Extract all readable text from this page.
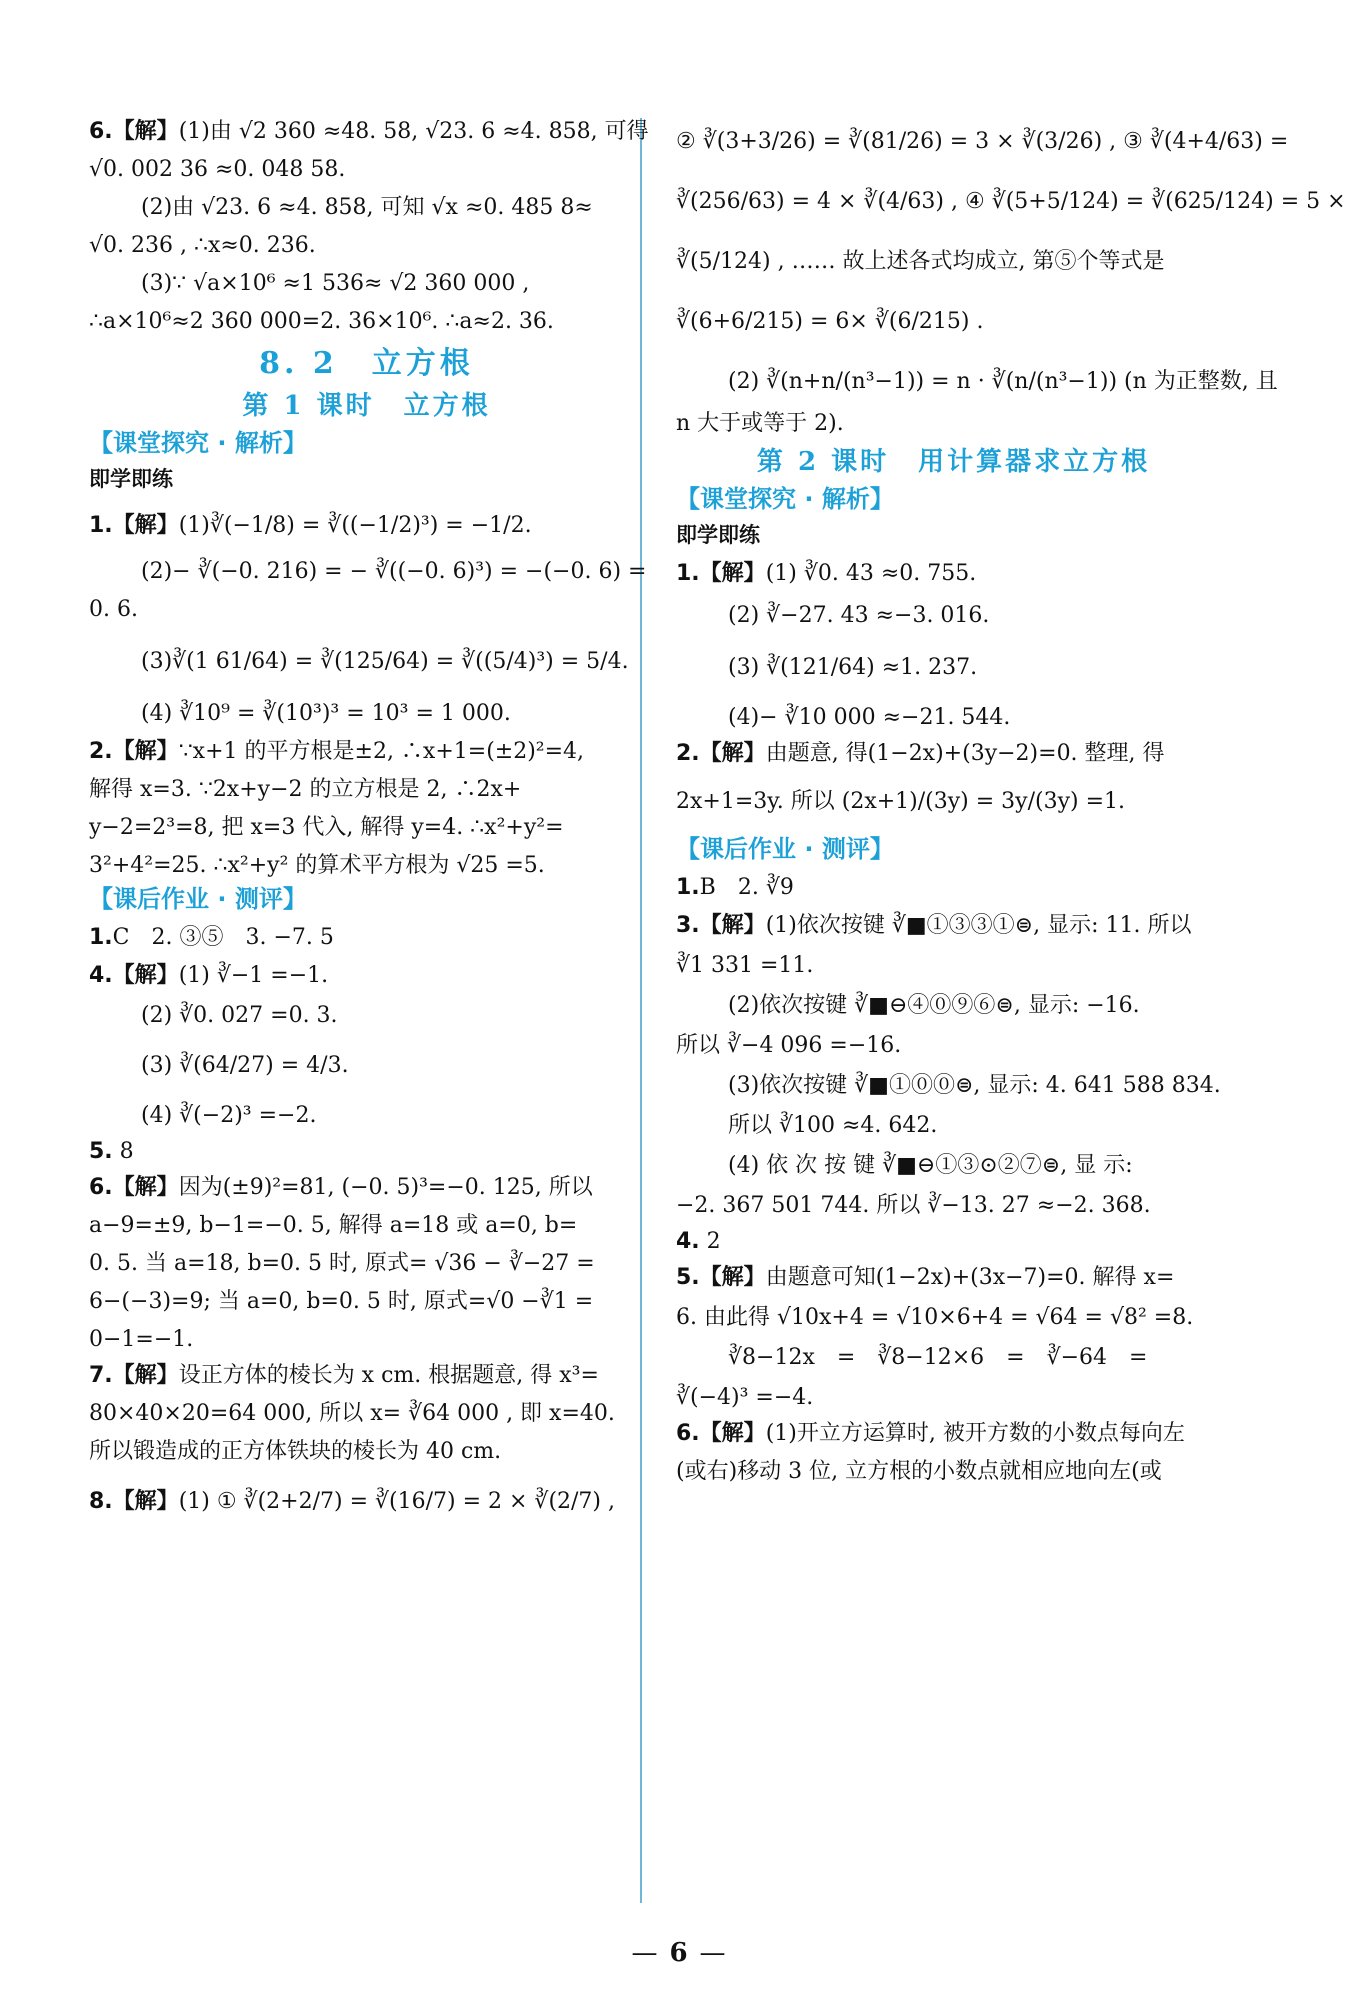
6.【解】(1)由 √2 360 ≈48. 58, √23. 6 ≈4. 858, 可得

√0. 002 36 ≈0. 048 58.

(2)由 √23. 6 ≈4. 858, 可知 √x ≈0. 485 8≈

√0. 236 , ∴x≈0. 236.

(3)∵ √a×10⁶ ≈1 536≈ √2 360 000 ,

∴a×10⁶≈2 360 000=2. 36×10⁶. ∴a≈2. 36.

8. 2　立方根
第 1 课时　立方根
【课堂探究 · 解析】
即学即练

1.【解】(1)∛(−1/8) = ∛((−1/2)³) = −1/2.

(2)− ∛(−0. 216) = − ∛((−0. 6)³) = −(−0. 6) =

0. 6.

(3)∛(1 61/64) = ∛(125/64) = ∛((5/4)³) = 5/4.

(4) ∛10⁹ = ∛(10³)³ = 10³ = 1 000.

2.【解】∵x+1 的平方根是±2, ∴x+1=(±2)²=4,

解得 x=3. ∵2x+y−2 的立方根是 2, ∴2x+

y−2=2³=8, 把 x=3 代入, 解得 y=4. ∴x²+y²=

3²+4²=25. ∴x²+y² 的算术平方根为 √25 =5.

【课后作业 · 测评】

1.C　2. ③⑤　3. −7. 5

4.【解】(1) ∛−1 =−1.

(2) ∛0. 027 =0. 3.

(3) ∛(64/27) = 4/3.

(4) ∛(−2)³ =−2.

5. 8

6.【解】因为(±9)²=81, (−0. 5)³=−0. 125, 所以

a−9=±9, b−1=−0. 5, 解得 a=18 或 a=0, b=

0. 5. 当 a=18, b=0. 5 时, 原式= √36 − ∛−27 =

6−(−3)=9; 当 a=0, b=0. 5 时, 原式=√0 −∛1 =

0−1=−1.

7.【解】设正方体的棱长为 x cm. 根据题意, 得 x³=

80×40×20=64 000, 所以 x= ∛64 000 , 即 x=40.

所以锻造成的正方体铁块的棱长为 40 cm.

8.【解】(1) ① ∛(2+2/7) = ∛(16/7) = 2 × ∛(2/7) ,

② ∛(3+3/26) = ∛(81/26) = 3 × ∛(3/26) , ③ ∛(4+4/63) =

∛(256/63) = 4 × ∛(4/63) , ④ ∛(5+5/124) = ∛(625/124) = 5 ×

∛(5/124) , …… 故上述各式均成立, 第⑤个等式是

∛(6+6/215) = 6× ∛(6/215) .

(2) ∛(n+n/(n³−1)) = n · ∛(n/(n³−1)) (n 为正整数, 且

n 大于或等于 2).

第 2 课时　用计算器求立方根
【课堂探究 · 解析】
即学即练

1.【解】(1) ∛0. 43 ≈0. 755.

(2) ∛−27. 43 ≈−3. 016.

(3) ∛(121/64) ≈1. 237.

(4)− ∛10 000 ≈−21. 544.

2.【解】由题意, 得(1−2x)+(3y−2)=0. 整理, 得

2x+1=3y. 所以 (2x+1)/(3y) = 3y/(3y) =1.

【课后作业 · 测评】

1.B　2. ∛9

3.【解】(1)依次按键 ∛■①③③①⊜, 显示: 11. 所以

∛1 331 =11.

(2)依次按键 ∛■⊖④⓪⑨⑥⊜, 显示: −16.

所以 ∛−4 096 =−16.

(3)依次按键 ∛■①⓪⓪⊜, 显示: 4. 641 588 834.

所以 ∛100 ≈4. 642.

(4) 依 次 按 键 ∛■⊖①③⊙②⑦⊜, 显 示:

−2. 367 501 744. 所以 ∛−13. 27 ≈−2. 368.

4. 2

5.【解】由题意可知(1−2x)+(3x−7)=0. 解得 x=

6. 由此得 √10x+4 = √10×6+4 = √64 = √8² =8.

∛8−12x　=　∛8−12×6　=　∛−64　=

∛(−4)³ =−4.

6.【解】(1)开立方运算时, 被开方数的小数点每向左

(或右)移动 3 位, 立方根的小数点就相应地向左(或

— 6 —
